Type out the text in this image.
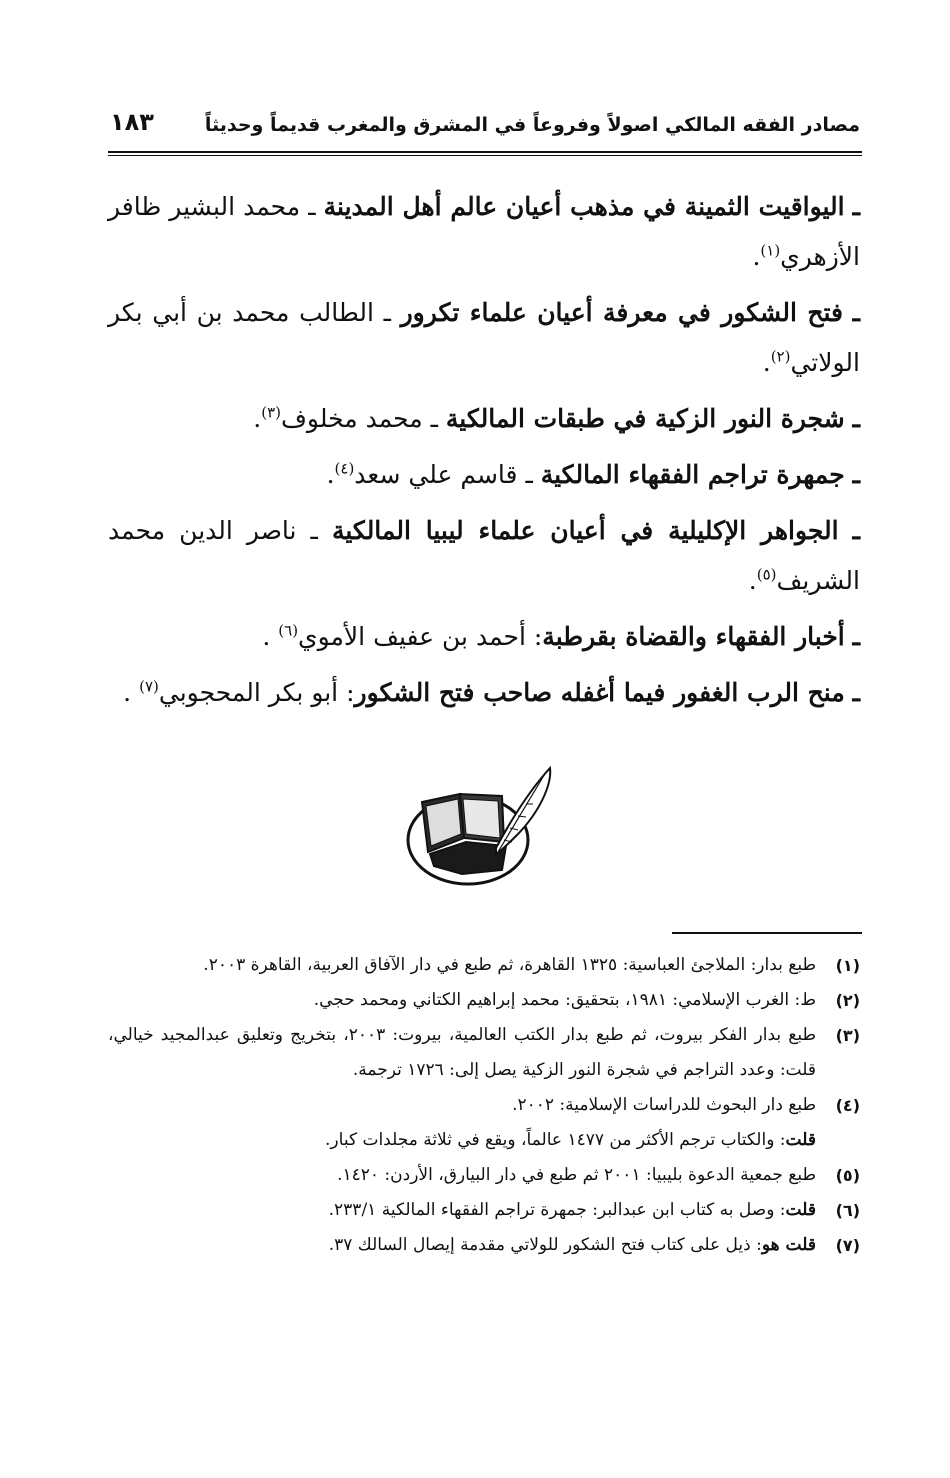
مصادر الفقه المالكي اصولاً وفروعاً في المشرق والمغرب قديماً وحديثاً
١٨٣

ـ اليواقيت الثمينة في مذهب أعيان عالم أهل المدينة ـ محمد البشير ظافر الأزهري$^{(١)}$.

ـ فتح الشكور في معرفة أعيان علماء تكرور ـ الطالب محمد بن أبي بكر الولاتي$^{(٢)}$.

ـ شجرة النور الزكية في طبقات المالكية ـ محمد مخلوف$^{(٣)}$.

ـ جمهرة تراجم الفقهاء المالكية ـ قاسم علي سعد$^{(٤)}$.

ـ الجواهر الإكليلية في أعيان علماء ليبيا المالكية ـ ناصر الدين محمد الشريف$^{(٥)}$.

ـ أخبار الفقهاء والقضاة بقرطبة: أحمد بن عفيف الأموي$^{(٦)}$ .

ـ منح الرب الغفور فيما أغفله صاحب فتح الشكور: أبو بكر المحجوبي$^{(٧)}$ .

(١)
طبع بدار: الملاجئ العباسية: ١٣٢٥ القاهرة، ثم طبع في دار الآفاق العربية، القاهرة ٢٠٠٣.
(٢)
ط: الغرب الإسلامي: ١٩٨١، بتحقيق: محمد إبراهيم الكتاني ومحمد حجي.
(٣)
طبع بدار الفكر بيروت، ثم طبع بدار الكتب العالمية، بيروت: ٢٠٠٣، بتخريج وتعليق عبدالمجيد خيالي، قلت: وعدد التراجم في شجرة النور الزكية يصل إلى: ١٧٢٦ ترجمة.
(٤)
طبع دار البحوث للدراسات الإسلامية: ٢٠٠٢.
قلت: والكتاب ترجم الأكثر من ١٤٧٧ عالماً، ويقع في ثلاثة مجلدات كبار.
(٥)
طبع جمعية الدعوة بليبيا: ٢٠٠١ ثم طبع في دار البيارق، الأردن: ١٤٢٠.
(٦)
قلت: وصل به كتاب ابن عبدالبر: جمهرة تراجم الفقهاء المالكية ٢٣٣/١.
(٧)
قلت هو: ذيل على كتاب فتح الشكور للولاتي مقدمة إيصال السالك ٣٧.
